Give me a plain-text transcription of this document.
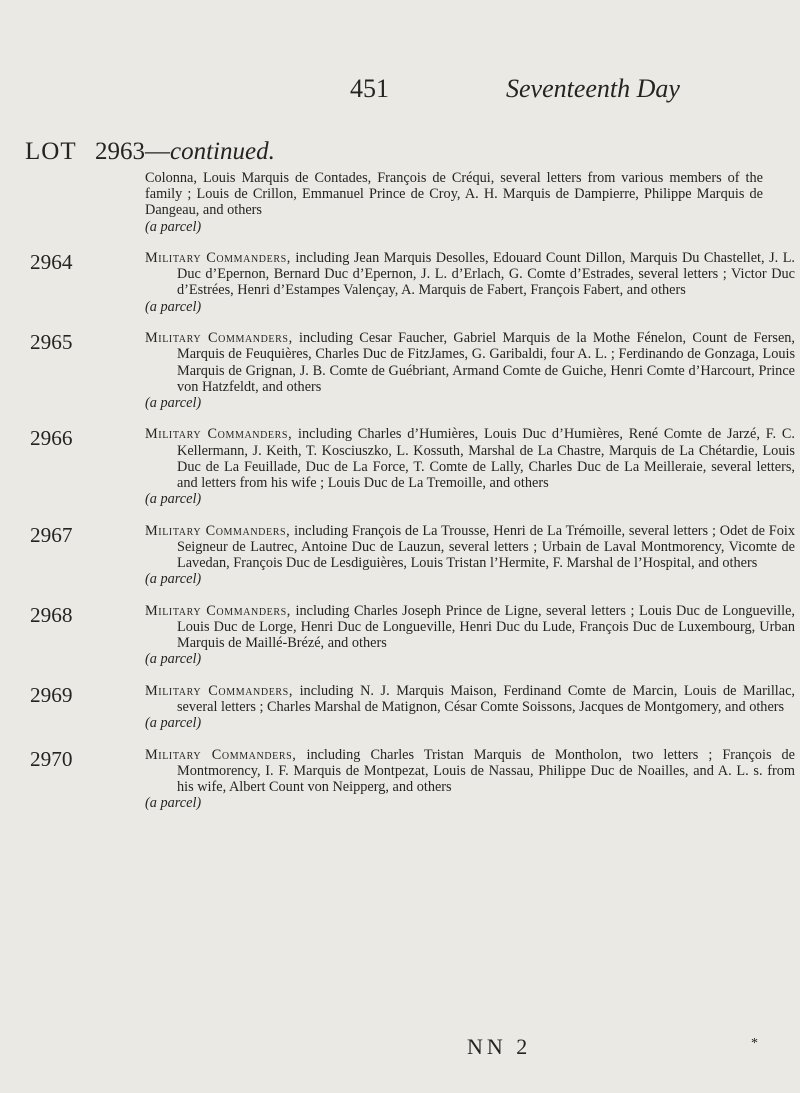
451	Seventeenth Day
LOT 2963—continued.
Colonna, Louis Marquis de Contades, François de Créqui, several letters from various members of the family ; Louis de Crillon, Emmanuel Prince de Croy, A. H. Marquis de Dampierre, Philippe Marquis de Dangeau, and others
(a parcel)
2964	Military Commanders, including Jean Marquis Desolles, Edouard Count Dillon, Marquis Du Chastellet, J. L. Duc d’Epernon, Bernard Duc d’Epernon, J. L. d’Erlach, G. Comte d’Estrades, several letters ; Victor Duc d’Estrées, Henri d’Estampes Valençay, A. Marquis de Fabert, François Fabert, and others
(a parcel)
2965	Military Commanders, including Cesar Faucher, Gabriel Marquis de la Mothe Fénelon, Count de Fersen, Marquis de Feuquières, Charles Duc de FitzJames, G. Garibaldi, four A. L. ; Ferdinando de Gonzaga, Louis Marquis de Grignan, J. B. Comte de Guébriant, Armand Comte de Guiche, Henri Comte d’Harcourt, Prince von Hatzfeldt, and others
(a parcel)
2966	Military Commanders, including Charles d’Humières, Louis Duc d’Humières, René Comte de Jarzé, F. C. Kellermann, J. Keith, T. Kosciuszko, L. Kossuth, Marshal de La Chastre, Marquis de La Chétardie, Louis Duc de La Feuillade, Duc de La Force, T. Comte de Lally, Charles Duc de La Meilleraie, several letters, and letters from his wife ; Louis Duc de La Tremoille, and others
(a parcel)
2967	Military Commanders, including François de La Trousse, Henri de La Trémoille, several letters ; Odet de Foix Seigneur de Lautrec, Antoine Duc de Lauzun, several letters ; Urbain de Laval Montmorency, Vicomte de Lavedan, François Duc de Lesdiguières, Louis Tristan l’Hermite, F. Marshal de l’Hospital, and others
(a parcel)
2968	Military Commanders, including Charles Joseph Prince de Ligne, several letters ; Louis Duc de Longueville, Louis Duc de Lorge, Henri Duc de Longueville, Henri Duc du Lude, François Duc de Luxembourg, Urban Marquis de Maillé-Brézé, and others
(a parcel)
2969	Military Commanders, including N. J. Marquis Maison, Ferdinand Comte de Marcin, Louis de Marillac, several letters ; Charles Marshal de Matignon, César Comte Soissons, Jacques de Montgomery, and others
(a parcel)
2970	Military Commanders, including Charles Tristan Marquis de Montholon, two letters ; François de Montmorency, I. F. Marquis de Montpezat, Louis de Nassau, Philippe Duc de Noailles, and A. L. s. from his wife, Albert Count von Neipperg, and others
(a parcel)
NN 2	*
